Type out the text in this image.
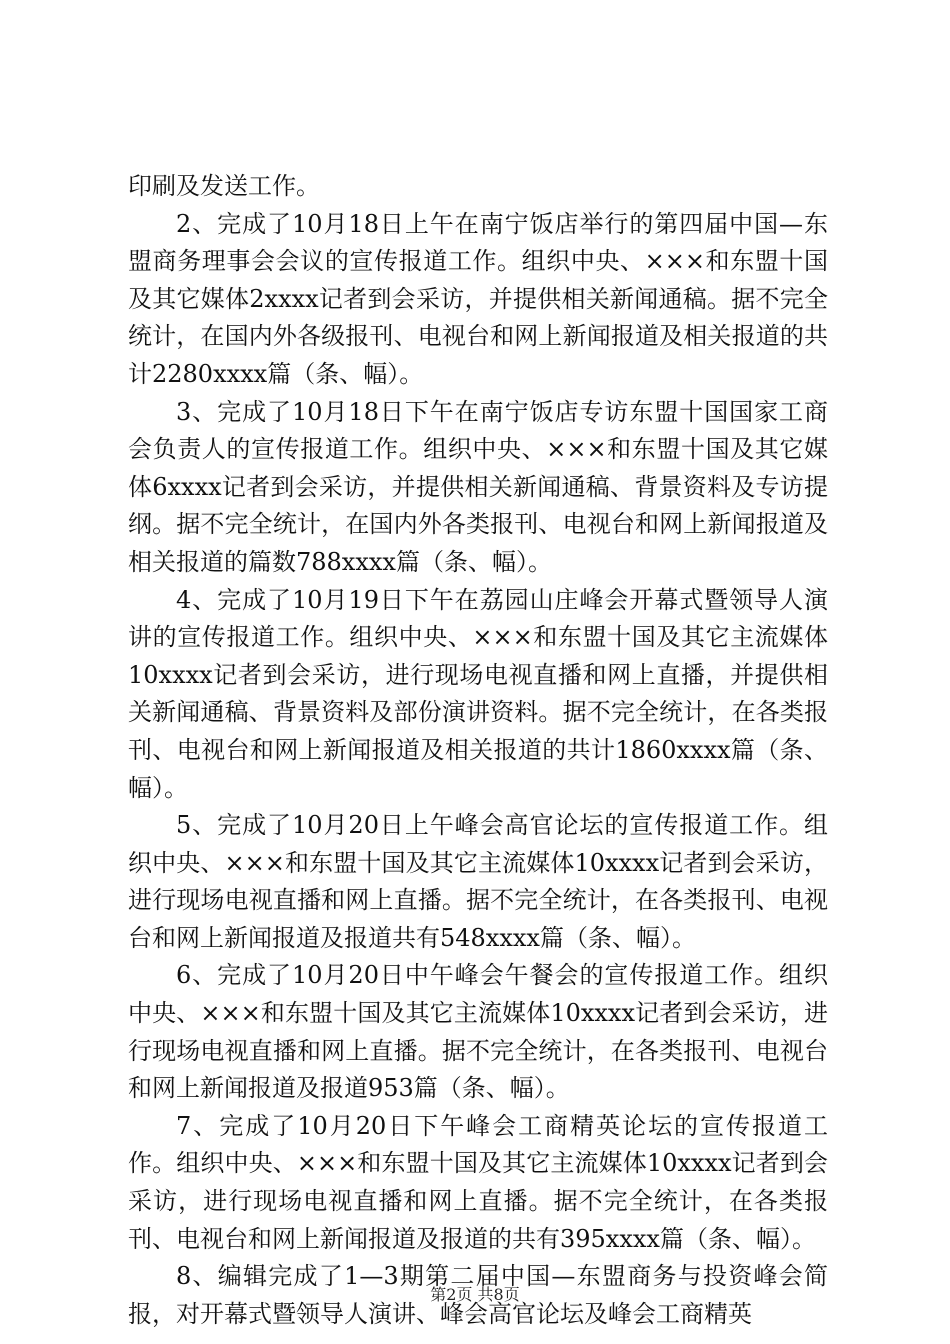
印刷及发送工作。

2、完成了10月18日上午在南宁饭店举行的第四届中国—东盟商务理事会会议的宣传报道工作。组织中央、×××和东盟十国及其它媒体2xxxx记者到会采访，并提供相关新闻通稿。据不完全统计，在国内外各级报刊、电视台和网上新闻报道及相关报道的共计2280xxxx篇（条、幅）。

3、完成了10月18日下午在南宁饭店专访东盟十国国家工商会负责人的宣传报道工作。组织中央、×××和东盟十国及其它媒体6xxxx记者到会采访，并提供相关新闻通稿、背景资料及专访提纲。据不完全统计，在国内外各类报刊、电视台和网上新闻报道及相关报道的篇数788xxxx篇（条、幅）。

4、完成了10月19日下午在荔园山庄峰会开幕式暨领导人演讲的宣传报道工作。组织中央、×××和东盟十国及其它主流媒体10xxxx记者到会采访，进行现场电视直播和网上直播，并提供相关新闻通稿、背景资料及部份演讲资料。据不完全统计，在各类报刊、电视台和网上新闻报道及相关报道的共计1860xxxx篇（条、幅）。

5、完成了10月20日上午峰会高官论坛的宣传报道工作。组织中央、×××和东盟十国及其它主流媒体10xxxx记者到会采访，进行现场电视直播和网上直播。据不完全统计，在各类报刊、电视台和网上新闻报道及报道共有548xxxx篇（条、幅）。

6、完成了10月20日中午峰会午餐会的宣传报道工作。组织中央、×××和东盟十国及其它主流媒体10xxxx记者到会采访，进行现场电视直播和网上直播。据不完全统计，在各类报刊、电视台和网上新闻报道及报道953篇（条、幅）。

7、完成了10月20日下午峰会工商精英论坛的宣传报道工作。组织中央、×××和东盟十国及其它主流媒体10xxxx记者到会采访，进行现场电视直播和网上直播。据不完全统计，在各类报刊、电视台和网上新闻报道及报道的共有395xxxx篇（条、幅）。

8、编辑完成了1—3期第二届中国—东盟商务与投资峰会简报，对开幕式暨领导人演讲、峰会高官论坛及峰会工商精英

第2页 共8页
